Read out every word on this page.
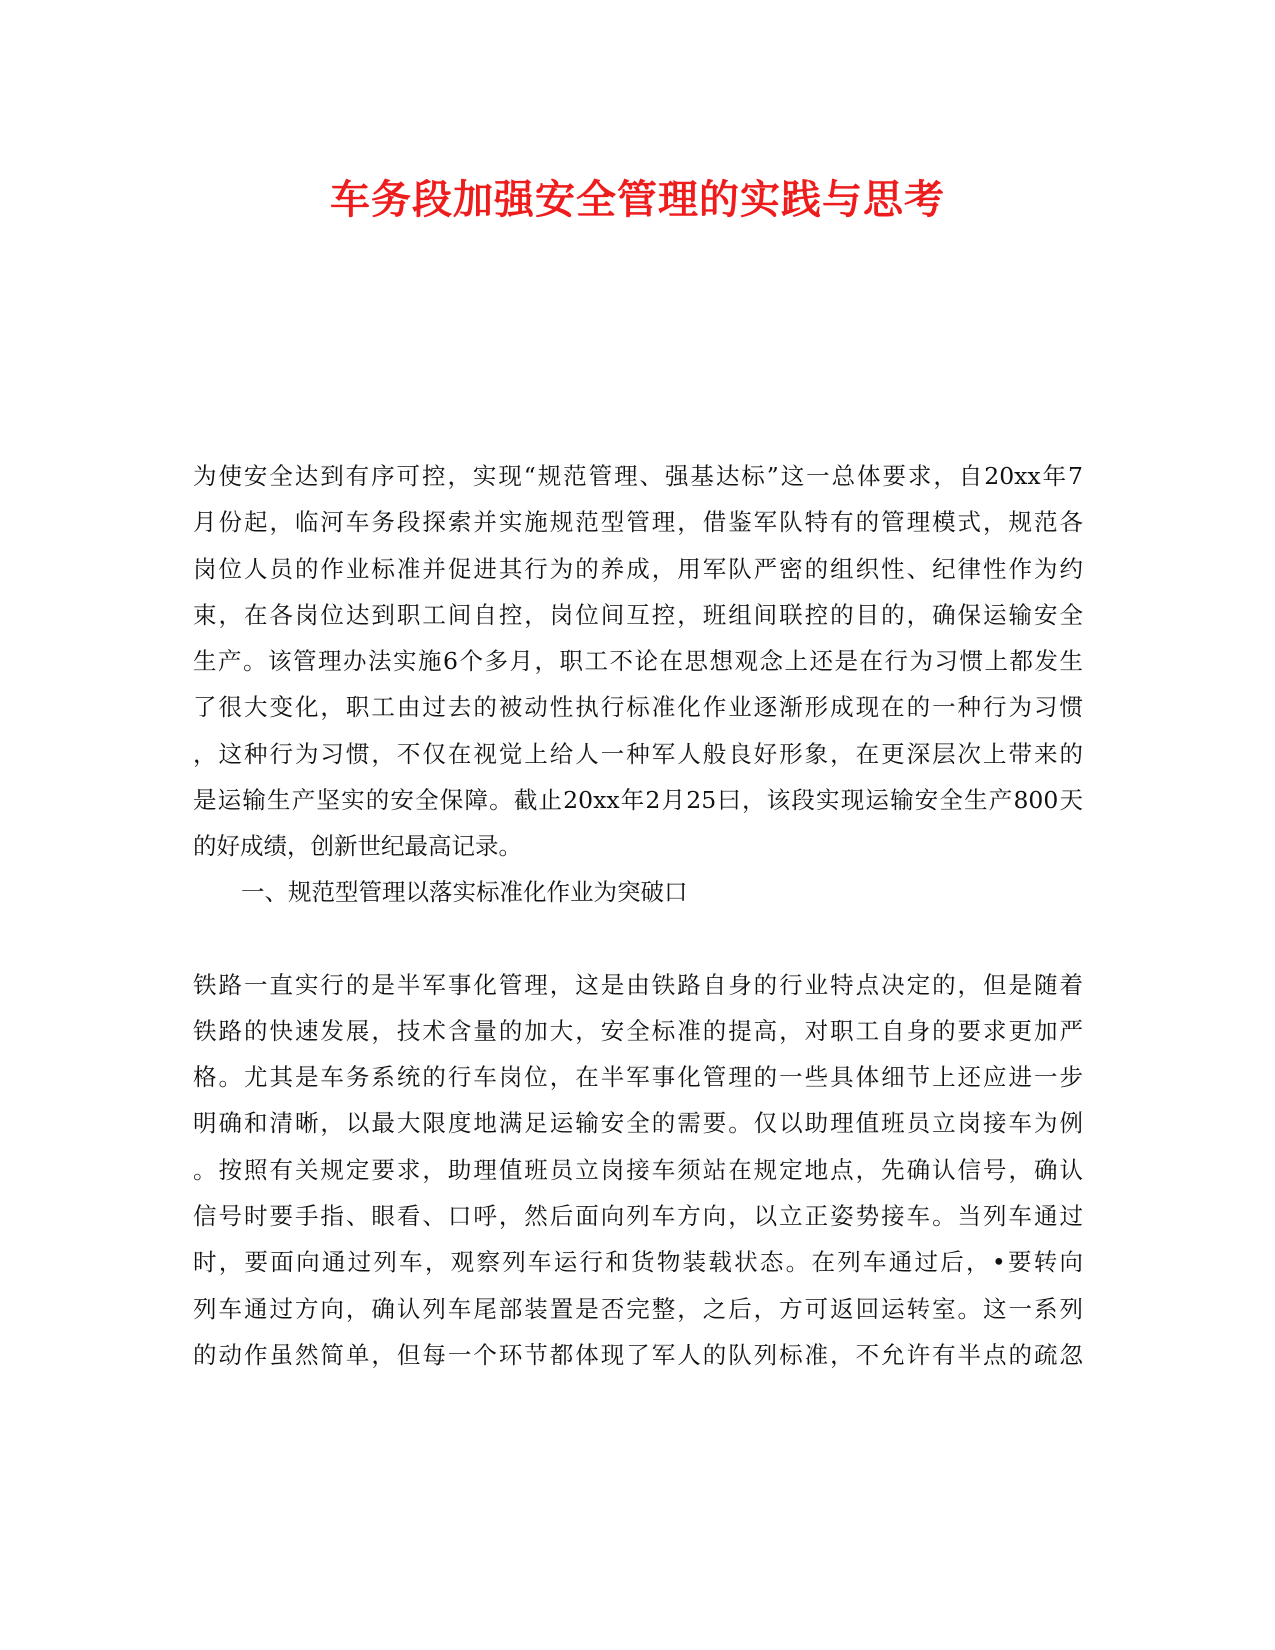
车务段加强安全管理的实践与思考
为使安全达到有序可控，实现“规范管理、强基达标”这一总体要求，自20xx年7
月份起，临河车务段探索并实施规范型管理，借鉴军队特有的管理模式，规范各
岗位人员的作业标准并促进其行为的养成，用军队严密的组织性、纪律性作为约
束，在各岗位达到职工间自控，岗位间互控，班组间联控的目的，确保运输安全
生产。该管理办法实施6个多月，职工不论在思想观念上还是在行为习惯上都发生
了很大变化，职工由过去的被动性执行标准化作业逐渐形成现在的一种行为习惯
，这种行为习惯，不仅在视觉上给人一种军人般良好形象，在更深层次上带来的
是运输生产坚实的安全保障。截止20xx年2月25曰，该段实现运输安全生产800天
的好成绩，创新世纪最高记录。
一、规范型管理以落实标准化作业为突破口
铁路一直实行的是半军事化管理，这是由铁路自身的行业特点决定的，但是随着
铁路的快速发展，技术含量的加大，安全标准的提高，对职工自身的要求更加严
格。尤其是车务系统的行车岗位，在半军事化管理的一些具体细节上还应进一步
明确和清晰，以最大限度地满足运输安全的需要。仅以助理值班员立岗接车为例
。按照有关规定要求，助理值班员立岗接车须站在规定地点，先确认信号，确认
信号时要手指、眼看、口呼，然后面向列车方向，以立正姿势接车。当列车通过
时，要面向通过列车，观察列车运行和货物装载状态。在列车通过后，•要转向
列车通过方向，确认列车尾部装置是否完整，之后，方可返回运转室。这一系列
的动作虽然简单，但每一个环节都体现了军人的队列标准，不允许有半点的疏忽
